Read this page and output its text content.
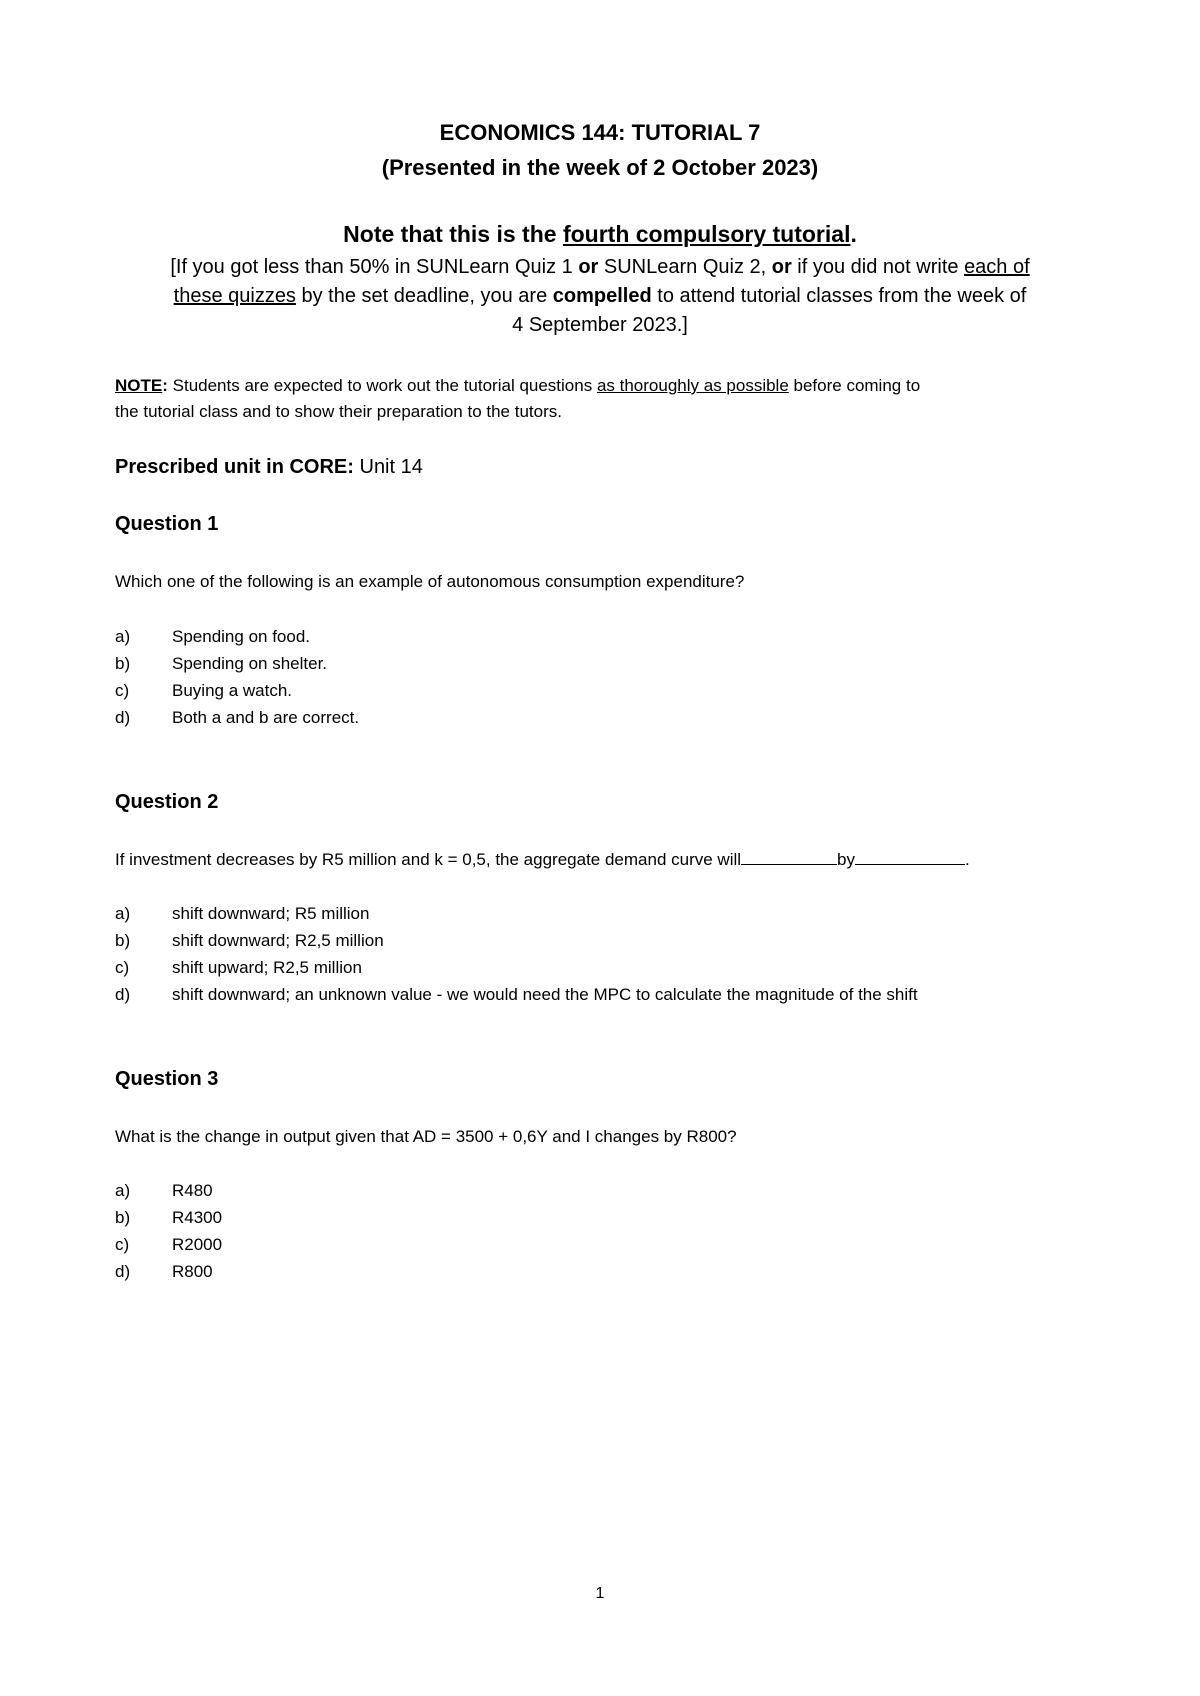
ECONOMICS 144: TUTORIAL 7
(Presented in the week of 2 October 2023)
Note that this is the fourth compulsory tutorial.
[If you got less than 50% in SUNLearn Quiz 1 or SUNLearn Quiz 2, or if you did not write each of
these quizzes by the set deadline, you are compelled to attend tutorial classes from the week of
4 September 2023.]
NOTE: Students are expected to work out the tutorial questions as thoroughly as possible before coming to
the tutorial class and to show their preparation to the tutors.
Prescribed unit in CORE: Unit 14
Question 1
Which one of the following is an example of autonomous consumption expenditure?
a) Spending on food.
b) Spending on shelter.
c)	Buying a watch.
d) Both a and b are correct.
Question 2
If investment decreases by R5 million and k = 0,5, the aggregate demand curve will	by	.
a) shift downward; R5 million
b) shift downward; R2,5 million
c)	shift upward; R2,5 million
d) shift downward; an unknown value - we would need the MPC to calculate the magnitude of the shift
Question 3
What is the change in output given that AD = 3500 + 0,6Y and I changes by R800?
a) R480
b) R4300
c)	R2000
d) R800
1
